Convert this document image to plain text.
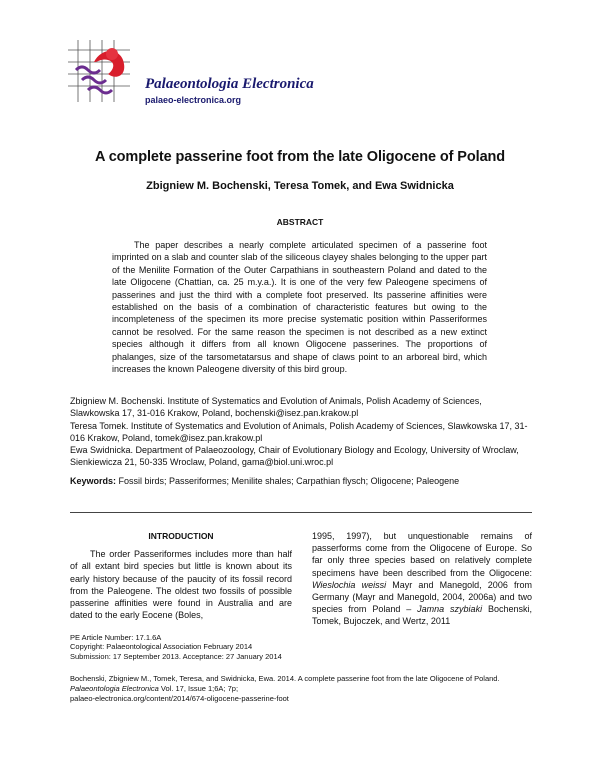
Palaeontologia Electronica
palaeo-electronica.org
A complete passerine foot from the late Oligocene of Poland
Zbigniew M. Bochenski, Teresa Tomek, and Ewa Swidnicka
ABSTRACT

The paper describes a nearly complete articulated specimen of a passerine foot imprinted on a slab and counter slab of the siliceous clayey shales belonging to the upper part of the Menilite Formation of the Outer Carpathians in southeastern Poland and dated to the late Oligocene (Chattian, ca. 25 m.y.a.). It is one of the very few Paleogene specimens of passerines and just the third with a complete foot preserved. Its passerine affinities were established on the basis of a combination of characteristic features but owing to the incompleteness of the specimen its more precise systematic position within Passeriformes cannot be resolved. For the same reason the specimen is not described as a new extinct species although it differs from all known Oligocene passerines. The proportions of phalanges, size of the tarsometatarsus and shape of claws point to an arboreal bird, which increases the known Paleogene diversity of this bird group.

Zbigniew M. Bochenski. Institute of Systematics and Evolution of Animals, Polish Academy of Sciences, Slawkowska 17, 31-016 Krakow, Poland, bochenski@isez.pan.krakow.pl

Teresa Tomek. Institute of Systematics and Evolution of Animals, Polish Academy of Sciences, Slawkowska 17, 31-016 Krakow, Poland, tomek@isez.pan.krakow.pl

Ewa Swidnicka. Department of Palaeozoology, Chair of Evolutionary Biology and Ecology, University of Wroclaw, Sienkiewicza 21, 50-335 Wroclaw, Poland, gama@biol.uni.wroc.pl

Keywords: Fossil birds; Passeriformes; Menilite shales; Carpathian flysch; Oligocene; Paleogene
INTRODUCTION

The order Passeriformes includes more than half of all extant bird species but little is known about its early history because of the paucity of its fossil record from the Paleogene. The oldest two fossils of possible passerine affinities were found in Australia and are dated to the early Eocene (Boles,

1995, 1997), but unquestionable remains of passerforms come from the Oligocene of Europe. So far only three species based on relatively complete specimens have been described from the Oligocene: Wieslochia weissi Mayr and Manegold, 2006 from Germany (Mayr and Manegold, 2004, 2006a) and two species from Poland – Jamna szybiaki Bochenski, Tomek, Bujoczek, and Wertz, 2011

PE Article Number: 17.1.6A

Copyright: Palaeontological Association February 2014

Submission: 17 September 2013. Acceptance: 27 January 2014

Bochenski, Zbigniew M., Tomek, Teresa, and Swidnicka, Ewa. 2014. A complete passerine foot from the late Oligocene of Poland.

Palaeontologia Electronica Vol. 17, Issue 1;6A; 7p;

palaeo-electronica.org/content/2014/674-oligocene-passerine-foot
